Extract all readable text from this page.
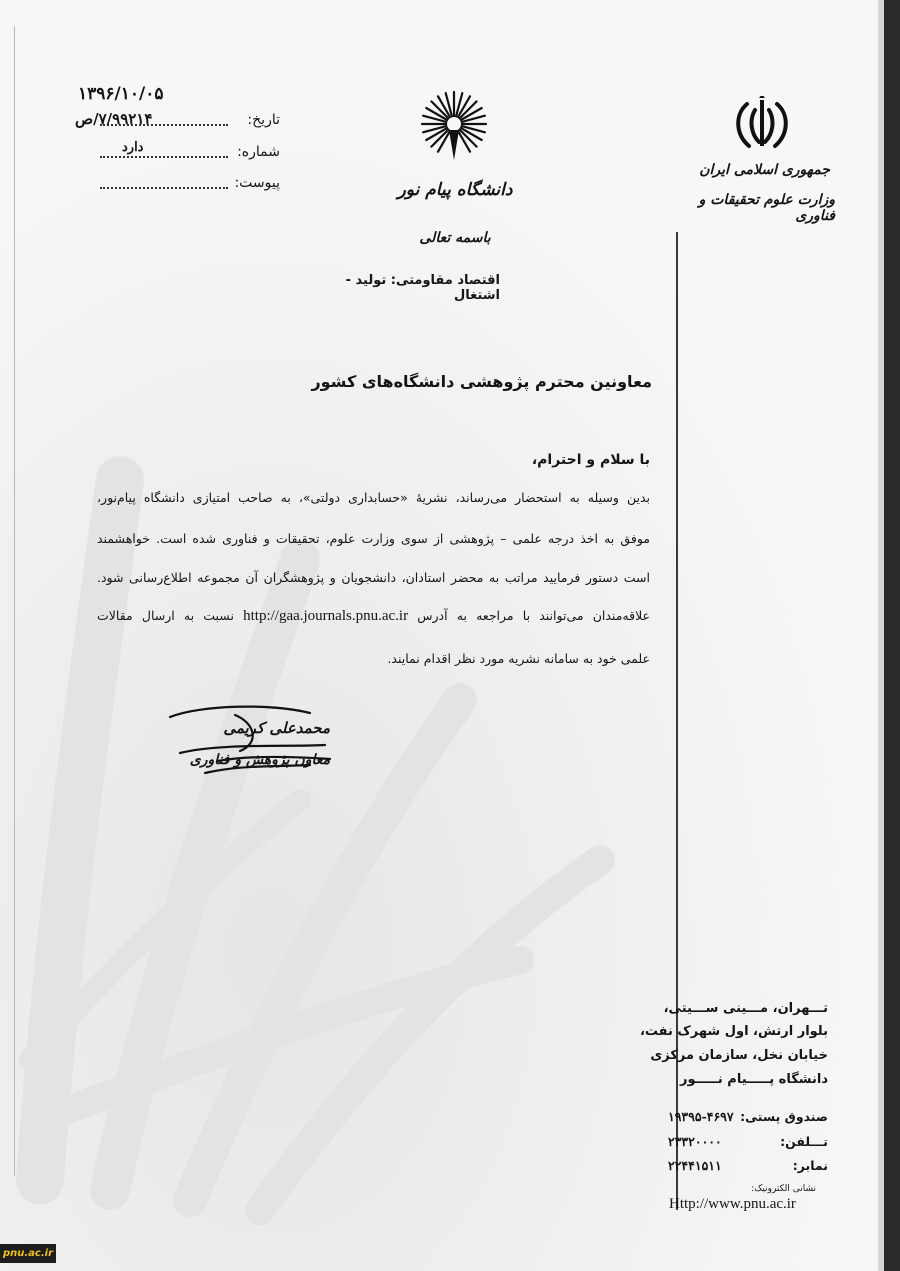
۱۳۹۶/۱۰/۰۵
تاریخ:
۷/۹۹۲۱۴/ص
شماره:
دارد
پیوست:	دانشگاه پیام نور
باسمه تعالی
اقتصاد مقاومتی: تولید - اشتغال
جمهوری اسلامی ایران
وزارت علوم تحقیقات و فناوری
معاونین محترم پژوهشی دانشگاه‌های کشور
با سلام و احترام،
بدین وسیله به استحضار می‌رساند، نشریهٔ «حسابداری دولتی»، به صاحب امتیازی دانشگاه پیام‌نور،
موفق به اخذ درجه علمی – پژوهشی از سوی وزارت علوم، تحقیقات و فناوری شده است. خواهشمند
است دستور فرمایید مراتب به محضر استادان، دانشجویان و پژوهشگران آن مجموعه اطلاع‌رسانی شود.
علاقه‌مندان می‌توانند با مراجعه به آدرس http://gaa.journals.pnu.ac.ir نسبت به ارسال مقالات
علمی خود به سامانه نشریه مورد نظر اقدام نمایند.
محمدعلی کریمی
معاون پژوهش و فناوری
تـــهران، مـــینی ســـیتی،
بلوار ارتش، اول شهرک نفت،
خیابان نخل، سازمان مرکزی
دانشگاه پـــــیام نـــــور
صندوق پستی:
۱۹۳۹۵-۴۶۹۷
تـــلفن:
۲۳۳۲۰۰۰۰
نمابر:
۲۲۴۴۱۵۱۱
نشانی الکترونیک:
Http://www.pnu.ac.ir
pnu.ac.ir
